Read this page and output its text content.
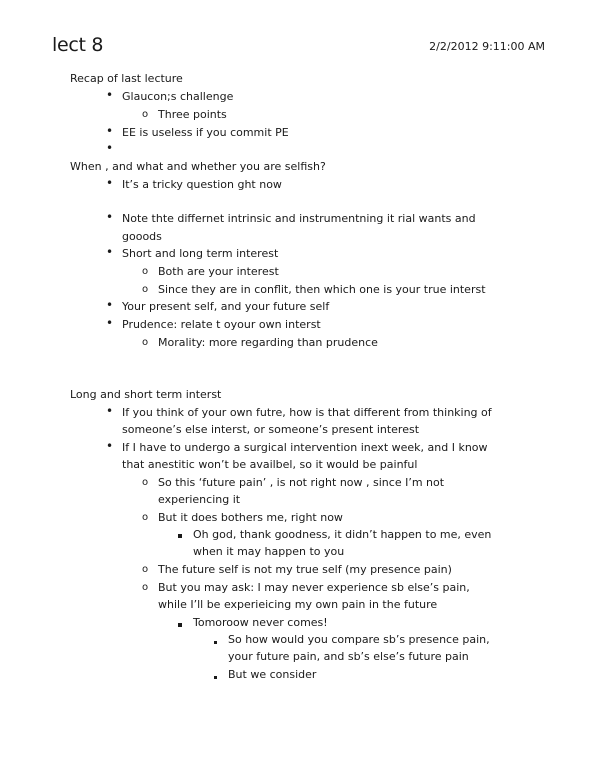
lect 8	2/2/2012 9:11:00 AM
Recap of last lecture
•
Glaucon;s challenge
o
Three points
•
EE is useless if you commit PE
•
When , and what and whether you are selfish?
•
It’s a tricky question ght now
•
Note thte differnet intrinsic and instrumentning it rial wants and
gooods
•
Short and long term interest
o
Both are your interest
o
Since they are in conflit, then which one is your true interst
•
Your present self, and your future self
•
Prudence: relate t oyour own interst
o
Morality: more regarding than prudence
Long and short term interst
•
If you think of your own futre, how is that different from thinking of
someone’s else interst, or someone’s present interest
•
If I have to undergo a surgical intervention inext week, and I know
that anestitic won’t be availbel, so it would be painful
o
So this ‘future pain’ , is not right now , since I’m not
experiencing it
o
But it does bothers me, right now
Oh god, thank goodness, it didn’t happen to me, even
when it may happen to you
o
The future self is not my true self (my presence pain)
o
But you may ask: I may never experience sb else’s pain,
while I’ll be experieicing my own pain in the future
Tomoroow never comes!
So how would you compare sb’s presence pain,
your future pain, and sb’s else’s future pain
But we consider
